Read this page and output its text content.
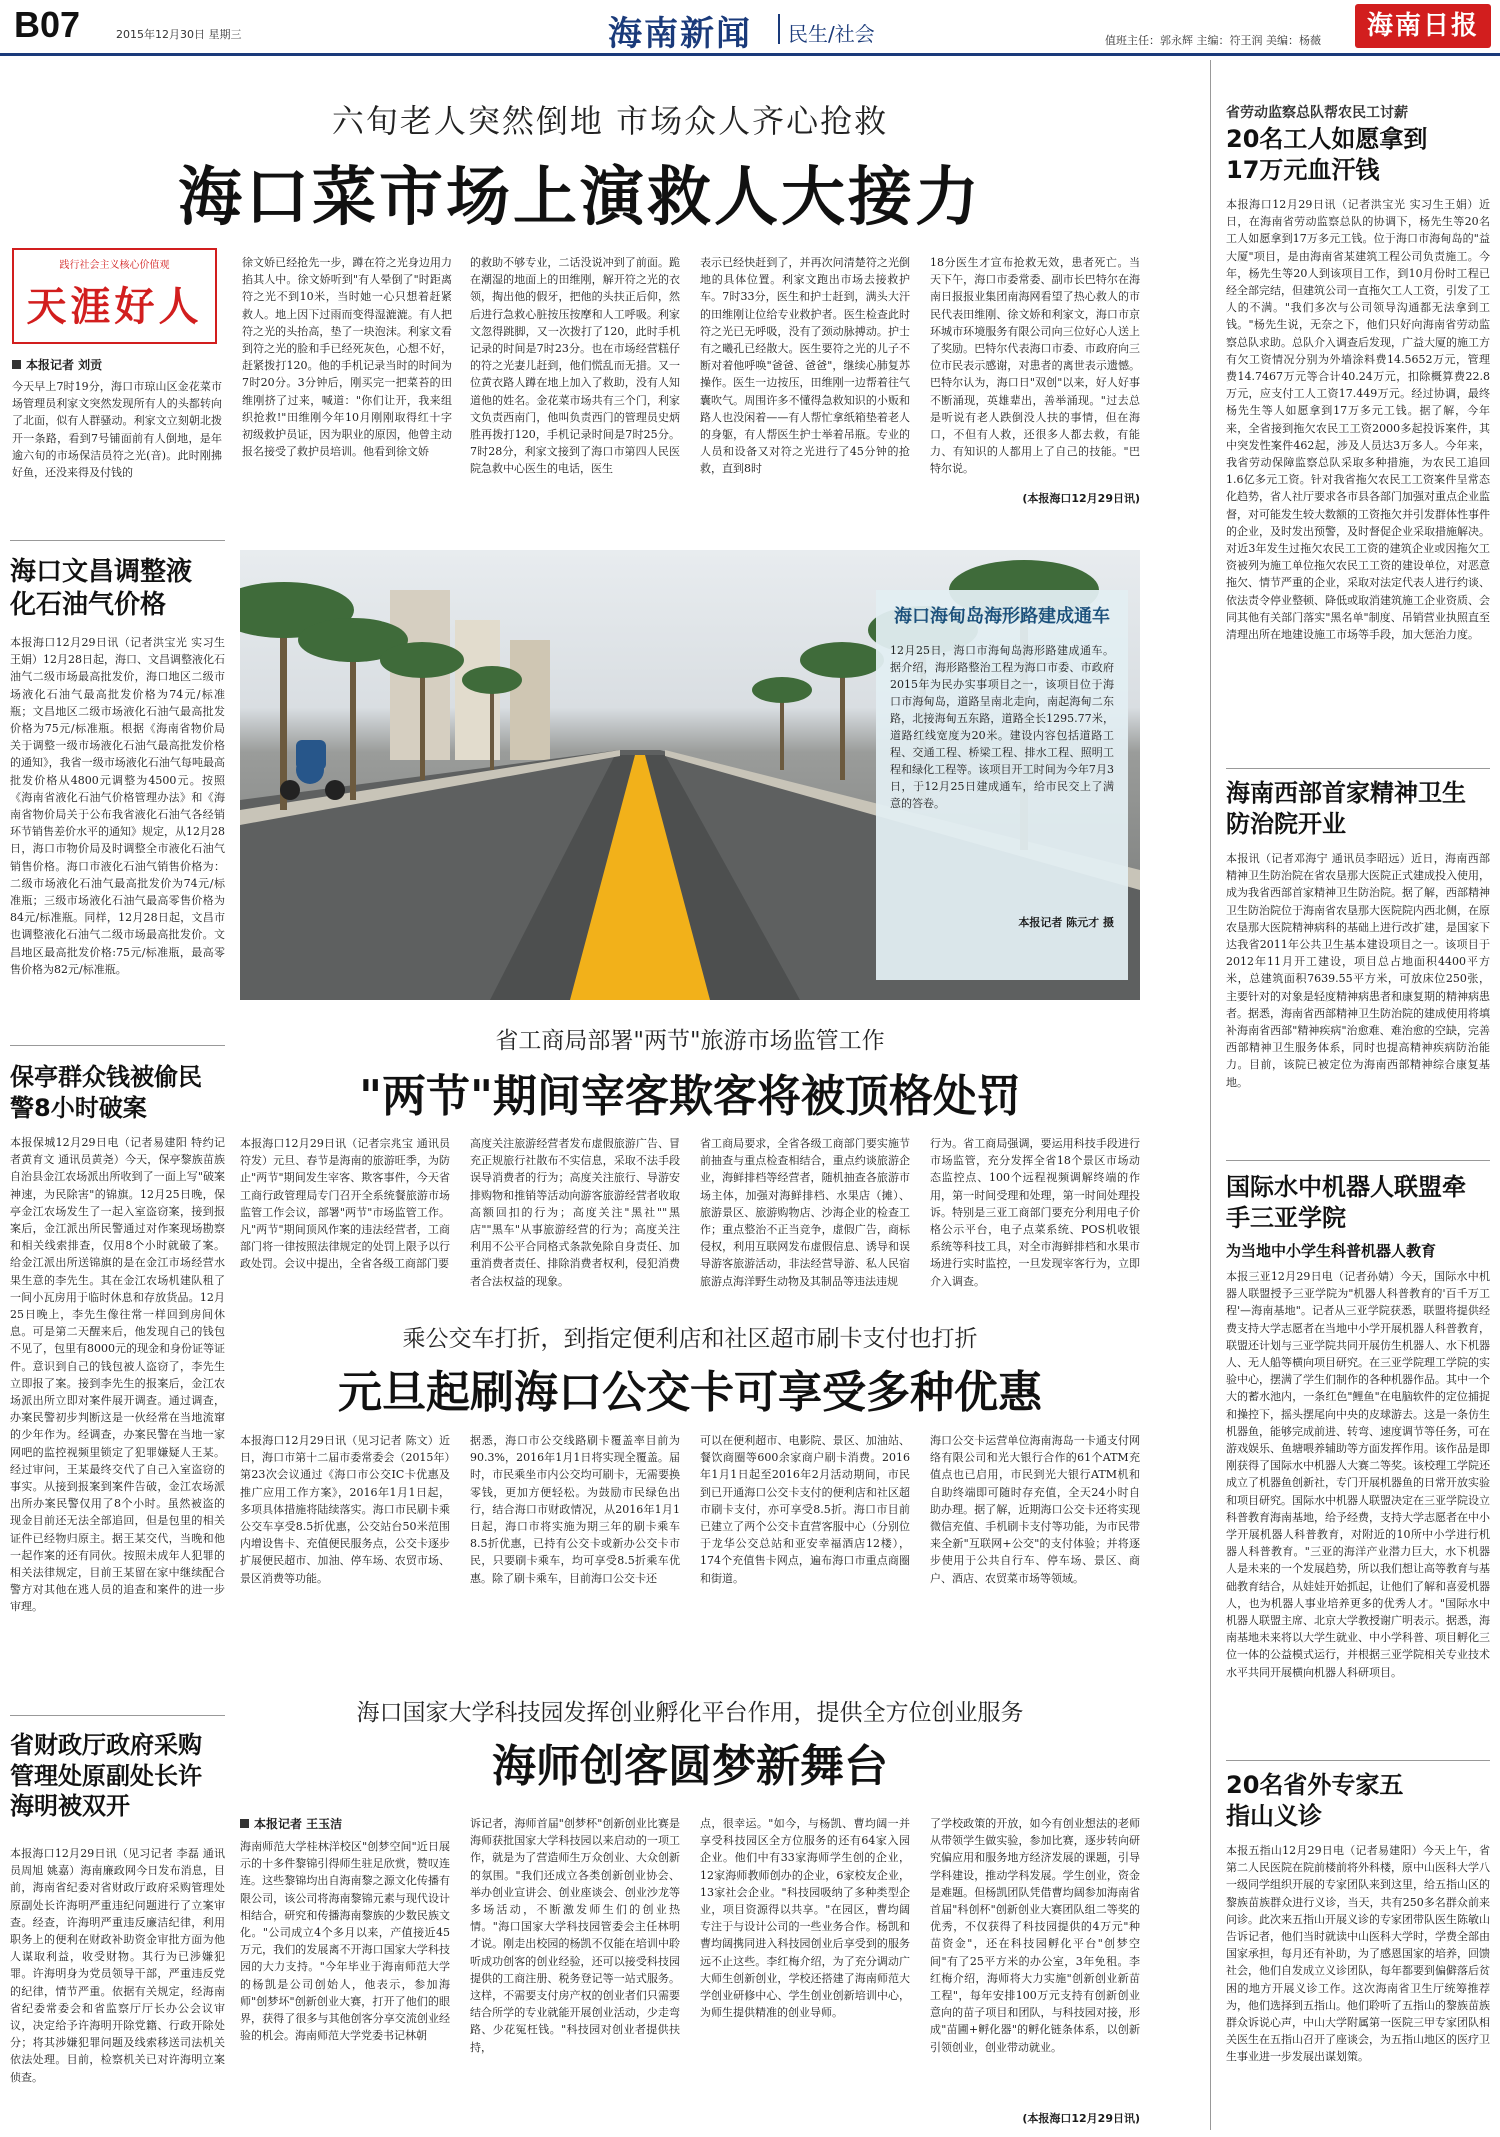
B07	2015年12月30日 星期三	海南新闻 民生/社会	值班主任：郭永辉 主编：符王润 美编：杨薇	海南日报
六旬老人突然倒地 市场众人齐心抢救
海口菜市场上演救人大接力
践行社会主义核心价值观
天涯好人
本报记者 刘贡
今天早上7时19分，海口市琼山区金花菜市场管理员利家文突然发现所有人的头都转向了北面，似有人群骚动。利家文立刻朝北拨开一条路，看到7号铺面前有人倒地，是年逾六旬的市场保洁员符之光(音)。此时刚拂好鱼，还没来得及付钱的
徐文娇已经抢先一步，蹲在符之光身边用力掐其人中。徐文娇听到"有人晕倒了"时距离符之光不到10米，当时她一心只想着赶紧救人。地上因下过雨而变得湿漉漉。有人把符之光的头抬高，垫了一块泡沫。利家文看到符之光的脸和手已经死灰色，心想不好，赶紧拨打120。他的手机记录当时的时间为7时20分。3分钟后，刚买完一把菜苔的田维刚挤了过来，喊道："你们让开，我来组织抢救!"田维刚今年10月刚刚取得红十字初级救护员证，因为职业的原因，他曾主动报名接受了救护员培训。他看到徐文娇
的救助不够专业，二话没说冲到了前面。跪在潮湿的地面上的田维刚，解开符之光的衣领，掏出他的假牙，把他的头扶正后仰，然后进行急救心脏按压按摩和人工呼吸。利家文忽得跳脚，又一次拨打了120，此时手机记录的时间是7时23分。也在市场经营糕仔的符之光妻儿赶到，他们慌乱而无措。又一位黄衣路人蹲在地上加入了救助，没有人知道他的姓名。金花菜市场共有三个门，利家文负责西南门，他叫负责西门的管理员史炳胜再拨打120，手机记录时间是7时25分。7时28分，利家文接到了海口市第四人民医院急救中心医生的电话，医生
表示已经快赶到了，并再次问清楚符之光倒地的具体位置。利家文跑出市场去接救护车。7时33分，医生和护士赶到，满头大汗的田维刚让位给专业救护者。医生检查此时符之光已无呼吸，没有了颈动脉搏动。护士有之曦孔已经散大。医生要符之光的儿子不断对着他呼唤"爸爸、爸爸"，继续心肺复苏操作。医生一边按压，田维刚一边帮着往气囊吹气。周围许多不懂得急救知识的小贩和路人也没闲着——有人帮忙拿纸箱垫着老人的身躯，有人帮医生护士举着吊瓶。专业的人员和设备又对符之光进行了45分钟的抢救，直到8时
18分医生才宣布抢救无效，患者死亡。当天下午，海口市委常委、副市长巴特尔在海南日报报业集团南海网看望了热心救人的市民代表田维刚、徐文娇和利家文，海口市京环城市环境服务有限公司向三位好心人送上了奖励。巴特尔代表海口市委、市政府向三位市民表示感谢，对患者的离世表示遗憾。巴特尔认为，海口日"双创"以来，好人好事不断涌现，英雄辈出，善举涌现。"过去总是听说有老人跌倒没人扶的事情，但在海口，不但有人救，还很多人都去救，有能力、有知识的人都用上了自己的技能。"巴特尔说。
(本报海口12月29日讯)
海口文昌调整液化石油气价格
本报海口12月29日讯（记者洪宝光 实习生王娟）12月28日起，海口、文昌调整液化石油气二级市场最高批发价，海口地区二级市场液化石油气最高批发价格为74元/标准瓶；文昌地区二级市场液化石油气最高批发价格为75元/标准瓶。根据《海南省物价局关于调整一级市场液化石油气最高批发价格的通知》，我省一级市场液化石油气每吨最高批发价格从4800元调整为4500元。按照《海南省液化石油气价格管理办法》和《海南省物价局关于公布我省液化石油气各经销环节销售差价水平的通知》规定，从12月28日，海口市物价局及时调整全市液化石油气销售价格。海口市液化石油气销售价格为：二级市场液化石油气最高批发价为74元/标准瓶；三级市场液化石油气最高零售价格为84元/标准瓶。同样，12月28日起，文昌市也调整液化石油气二级市场最高批发价。文昌地区最高批发价格:75元/标准瓶，最高零售价格为82元/标准瓶。
保亭群众钱被偷民警8小时破案
本报保城12月29日电（记者易建阳 特约记者黄育文 通讯员黄尧）今天，保亭黎族苗族自治县金江农场派出所收到了一面上写"破案神速，为民除害"的锦旗。12月25日晚，保亭金江农场发生了一起入室盗窃案，接到报案后，金江派出所民警通过对作案现场勘察和相关线索排查，仅用8个小时就破了案。给金江派出所送锦旗的是在金江市场经营水果生意的李先生。其在金江农场机建队租了一间小瓦房用于临时休息和存放货品。12月25日晚上，李先生像往常一样回到房间休息。可是第二天醒来后，他发现自己的钱包不见了，包里有8000元的现金和身份证等证件。意识到自己的钱包被人盗窃了，李先生立即报了案。接到李先生的报案后，金江农场派出所立即对案件展开调查。通过调查，办案民警初步判断这是一伙经常在当地流窜的少年作为。经调查，办案民警在当地一家网吧的监控视频里锁定了犯罪嫌疑人王某。经过审问，王某最终交代了自己入室盗窃的事实。从接到报案到案件告破，金江农场派出所办案民警仅用了8个小时。虽然被盗的现金目前还无法全部追回，但是包里的相关证件已经物归原主。据王某交代，当晚和他一起作案的还有同伙。按照未成年人犯罪的相关法律规定，目前王某留在家中继续配合警方对其他在逃人员的追查和案件的进一步审理。
省财政厅政府采购管理处原副处长许海明被双开
本报海口12月29日讯（见习记者 李磊 通讯员周旭 姚嘉）海南廉政网今日发布消息，目前，海南省纪委对省财政厅政府采购管理处原副处长许海明严重违纪问题进行了立案审查。经查，许海明严重违反廉洁纪律，利用职务上的便利在财政补助资金审批方面为他人谋取利益，收受财物。其行为已涉嫌犯罪。许海明身为党员领导干部，严重违反党的纪律，情节严重。依据有关规定，经海南省纪委常委会和省监察厅厅长办公会议审议，决定给予许海明开除党籍、行政开除处分；将其涉嫌犯罪问题及线索移送司法机关依法处理。目前，检察机关已对许海明立案侦查。
海口海甸岛海形路建成通车
12月25日，海口市海甸岛海形路建成通车。据介绍，海形路整治工程为海口市委、市政府2015年为民办实事项目之一，该项目位于海口市海甸岛，道路呈南北走向，南起海甸二东路，北接海甸五东路，道路全长1295.77米，道路红线宽度为20米。建设内容包括道路工程、交通工程、桥梁工程、排水工程、照明工程和绿化工程等。该项目开工时间为今年7月3日，于12月25日建成通车，给市民交上了满意的答卷。
本报记者 陈元才 摄
省工商局部署"两节"旅游市场监管工作
"两节"期间宰客欺客将被顶格处罚
本报海口12月29日讯（记者宗兆宝 通讯员符发）元旦、春节是海南的旅游旺季，为防止"两节"期间发生宰客、欺客事件，今天省工商行政管理局专门召开全系统餐旅游市场监管工作会议，部署"两节"市场监管工作。凡"两节"期间顶风作案的违法经营者，工商部门将一律按照法律规定的处罚上限予以行政处罚。会议中提出，全省各级工商部门要
高度关注旅游经营者发布虚假旅游广告、冒充正规旅行社散布不实信息，采取不法手段误导消费者的行为；高度关注旅行、导游安排购物和推销等活动向游客旅游经营者收取高额回扣的行为；高度关注"黑社""黑店""黑车"从事旅游经营的行为；高度关注利用不公平合同格式条款免除自身责任、加重消费者责任、排除消费者权利，侵犯消费者合法权益的现象。
省工商局要求，全省各级工商部门要实施节前抽查与重点检查相结合，重点约谈旅游企业，海鲜排档等经营者，随机抽查各旅游市场主体，加强对海鲜排档、水果店（摊）、旅游景区、旅游购物店、沙海企业的检查工作；重点整治不正当竞争，虚假广告，商标侵权，利用互联网发布虚假信息、诱导和误导游客旅游活动，非法经营导游、私人民宿旅游点海洋野生动物及其制品等违法违规
行为。省工商局强调，要运用科技手段进行市场监管，充分发挥全省18个景区市场动态监控点、100个远程视频调解终端的作用，第一时间受理和处理，第一时间处理投诉。特别是三亚工商部门要充分利用电子价格公示平台，电子点菜系统、POS机收银系统等科技工具，对全市海鲜排档和水果市场进行实时监控，一旦发现宰客行为，立即介入调查。
乘公交车打折，到指定便利店和社区超市刷卡支付也打折
元旦起刷海口公交卡可享受多种优惠
本报海口12月29日讯（见习记者 陈文）近日，海口市第十二届市委常委会（2015年）第23次会议通过《海口市公交IC卡优惠及推广应用工作方案》，2016年1月1日起，多项具体措施将陆续落实。海口市民刷卡乘公交车享受8.5折优惠，公交站台50米范围内增设售卡、充值便民服务点，公交卡逐步扩展便民超市、加油、停车场、农贸市场、景区消费等功能。
据悉，海口市公交线路刷卡覆盖率目前为90.3%，2016年1月1日将实现全覆盖。届时，市民乘坐市内公交均可刷卡，无需要换零钱，更加方便轻松。为鼓励市民绿色出行，结合海口市财政情况，从2016年1月1日起，海口市将实施为期三年的刷卡乘车8.5折优惠，已持有公交卡或新办公交卡市民，只要刷卡乘车，均可享受8.5折乘车优惠。除了刷卡乘车，目前海口公交卡还
可以在便利超市、电影院、景区、加油站、餐饮商圈等600余家商户刷卡消费。2016年1月1日起至2016年2月活动期间，市民到已开通海口公交卡支付的便利店和社区超市刷卡支付，亦可享受8.5折。海口市目前已建立了两个公交卡直营客服中心（分别位于龙华公交总站和亚安幸福酒店12楼），174个充值售卡网点，遍布海口市重点商圈和街道。
海口公交卡运营单位海南海岛一卡通支付网络有限公司和光大银行合作的61个ATM充值点也已启用，市民到光大银行ATM机和自助终端即可随时存充值，全天24小时自助办理。据了解，近期海口公交卡还将实现微信充值、手机刷卡支付等功能，为市民带来全新"互联网+公交"的支付体验；并将逐步使用于公共自行车、停车场、景区、商户、酒店、农贸菜市场等领域。
海口国家大学科技园发挥创业孵化平台作用，提供全方位创业服务
海师创客圆梦新舞台
本报记者 王玉洁
海南师范大学桂林洋校区"创梦空间"近日展示的十多件黎锦引得师生驻足欣赏，赞叹连连。这些黎锦均出自海南黎之源文化传播有限公司，该公司将海南黎锦元素与现代设计相结合，研究和传播海南黎族的少数民族文化。"公司成立4个多月以来，产值接近45万元，我们的发展离不开海口国家大学科技园的大力支持。"今年毕业于海南师范大学的杨凯是公司创始人，他表示，参加海师"创梦坏"创新创业大赛，打开了他们的眼界，获得了很多与其他创客分享交流创业经验的机会。海南师范大学党委书记林朝
诉记者，海师首届"创梦杯"创新创业比赛是海师获批国家大学科技园以来启动的一项工作，就是为了营造师生万众创业、大众创新的氛围。"我们还成立各类创新创业协会、举办创业宣讲会、创业座谈会、创业沙龙等多场活动，不断激发师生们的创业热情。"海口国家大学科技园管委会主任林明才说。刚走出校园的杨凯不仅能在培训中聆听成功创客的创业经验，还可以接受科技园提供的工商注册、税务登记等一站式服务。这样，不需要支付房产权的创业者们只需要结合所学的专业就能开展创业活动，少走弯路、少花冤枉钱。"科技园对创业者提供扶持，
点，很幸运。"如今，与杨凯、曹均阔一并享受科技园区全方位服务的还有64家入园企业。他们中有33家海师学生创的企业，12家海师教师创办的企业，6家校友企业，13家社会企业。"科技园吸纳了多种类型企业，项目资源得以共享。"在园区，曹均阔专注于与设计公司的一些业务合作。杨凯和曹均阔携同进入科技园创业后享受到的服务远不止这些。李红梅介绍，为了充分调动广大师生创新创业，学校还搭建了海南师范大学创业研修中心、学生创业创新培训中心，为师生提供精准的创业导师。
了学校政策的开放，如今有创业想法的老师从带领学生做实验，参加比赛，逐步转向研究偏应用和服务地方经济发展的课题，引导学科建设，推动学科发展。学生创业，资金是难题。但杨凯团队凭借曹均阔参加海南省首届"科创杯"创新创业大赛团队组二等奖的优秀，不仅获得了科技园提供的4万元"种苗资金"，还在科技园孵化平台"创梦空间"有了25平方米的办公室，3年免租。李红梅介绍，海师将大力实施"创新创业新苗工程"，每年安排100万元支持有创新创业意向的苗子项目和团队，与科技园对接，形成"苗圃+孵化器"的孵化链条体系，以创新引领创业，创业带动就业。
(本报海口12月29日讯)
省劳动监察总队帮农民工讨薪
20名工人如愿拿到17万元血汗钱
本报海口12月29日讯（记者洪宝光 实习生王娟）近日，在海南省劳动监察总队的协调下，杨先生等20名工人如愿拿到17万多元工钱。位于海口市海甸岛的"益大厦"项目，是由海南省某建筑工程公司负责施工。今年，杨先生等20人到该项目工作，到10月份时工程已经全部完结，但建筑公司一直拖欠工人工资，引发了工人的不满。"我们多次与公司领导沟通都无法拿到工钱。"杨先生说，无奈之下，他们只好向海南省劳动监察总队求助。总队介入调查后发现，广益大厦的施工方有欠工资情况分别为外墙涂料费14.5652万元，管理费14.7467万元等合计40.24万元，扣除概算费22.8万元，应支付工人工资17.449万元。经过协调，最终杨先生等人如愿拿到17万多元工钱。据了解，今年来，全省接到拖欠农民工工资2000多起投诉案件，其中突发性案件462起，涉及人员达3万多人。今年来，我省劳动保障监察总队采取多种措施，为农民工追回1.6亿多元工资。针对我省拖欠农民工工资案件呈常态化趋势，省人社厅要求各市县各部门加强对重点企业监督，对可能发生较大数额的工资拖欠并引发群体性事件的企业，及时发出预警，及时督促企业采取措施解决。对近3年发生过拖欠农民工工资的建筑企业或因拖欠工资被列为施工单位拖欠农民工工资的建设单位，对恶意拖欠、情节严重的企业，采取对法定代表人进行约谈、依法责令停业整顿、降低或取消建筑施工企业资质、会同其他有关部门落实"黑名单"制度、吊销营业执照直至清理出所在地建设施工市场等手段，加大惩治力度。
海南西部首家精神卫生防治院开业
本报讯（记者邓海宁 通讯员李昭远）近日，海南西部精神卫生防治院在省农垦那大医院正式建成投入使用，成为我省西部首家精神卫生防治院。据了解，西部精神卫生防治院位于海南省农垦那大医院院内西北侧，在原农垦那大医院精神病科的基础上进行改扩建，是国家下达我省2011年公共卫生基本建设项目之一。该项目于2012年11月开工建设，项目总占地面积4400平方米，总建筑面积7639.55平方米，可放床位250张，主要针对的对象是轻度精神病患者和康复期的精神病患者。据悉，海南省西部精神卫生防治院的建成使用将填补海南省西部"精神疾病"治愈难、难治愈的空缺，完善西部精神卫生服务体系，同时也提高精神疾病防治能力。目前，该院已被定位为海南西部精神综合康复基地。
国际水中机器人联盟牵手三亚学院
为当地中小学生科普机器人教育
本报三亚12月29日电（记者孙婧）今天，国际水中机器人联盟授予三亚学院为"机器人科普教育的'百千万工程'—海南基地"。记者从三亚学院获悉，联盟将提供经费支持大学志愿者在当地中小学开展机器人科普教育，联盟还计划与三亚学院共同开展仿生机器人、水下机器人、无人船等横向项目研究。在三亚学院理工学院的实验中心，摆满了学生们制作的各种机器作品。其中一个大的蓄水池内，一条红色"鲤鱼"在电脑软件的定位捕捉和操控下，摇头摆尾向中央的皮球游去。这是一条仿生机器鱼，能够完成前进、转弯、速度调节等任务，可在游戏娱乐、鱼塘喂养辅助等方面发挥作用。该作品是即刚获得了国际水中机器人大赛二等奖。该校理工学院还成立了机器鱼创新社，专门开展机器鱼的日常开放实验和项目研究。国际水中机器人联盟决定在三亚学院设立科普教育海南基地，给予经费，支持大学志愿者在中小学开展机器人科普教育，对附近的10所中小学进行机器人科普教育。"三亚的海洋产业潜力巨大，水下机器人是未来的一个发展趋势，所以我们想让高等教育与基础教育结合，从娃娃开始抓起，让他们了解和喜爱机器人，也为机器人事业培养更多的优秀人才。"国际水中机器人联盟主席、北京大学教授谢广明表示。据悉，海南基地未来将以大学生就业、中小学科普、项目孵化三位一体的公益模式运行，并根据三亚学院相关专业技术水平共同开展横向机器人科研项目。
20名省外专家五指山义诊
本报五指山12月29日电（记者易建阳）今天上午，省第二人民医院在院前楼前将外科楼，原中山医科大学八一级同学组织开展的专家团队来到这里，给五指山区的黎族苗族群众进行义诊，当天，共有250多名群众前来问诊。此次来五指山开展义诊的专家团带队医生陈敏山告诉记者，他们当时就读中山医科大学时，学费全部由国家承担，每月还有补助，为了感恩国家的培养，回馈社会，他们自发成立义诊团队，每年都要到偏僻落后贫困的地方开展义诊工作。这次海南省卫生厅统筹推荐为，他们选择到五指山。他们聆听了五指山的黎族苗族群众诉说心声，中山大学附属第一医院三甲专家团队相关医生在五指山召开了座谈会，为五指山地区的医疗卫生事业进一步发展出谋划策。
